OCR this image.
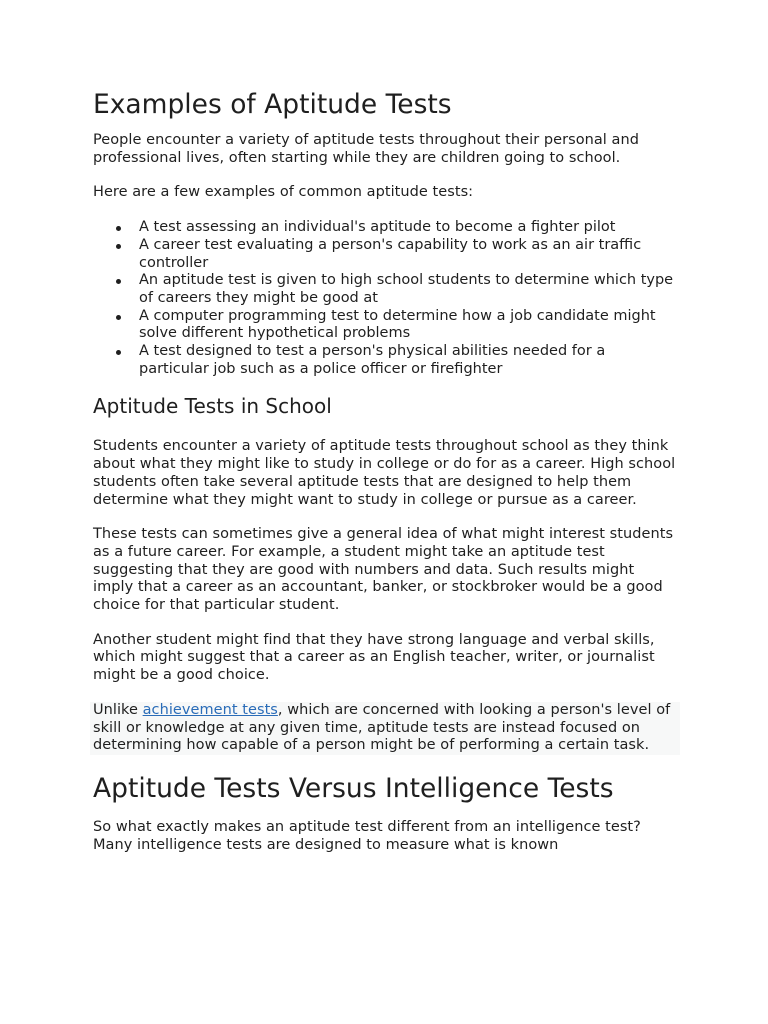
Examples of Aptitude Tests

People encounter a variety of aptitude tests throughout their personal and professional lives, often starting while they are children going to school.

Here are a few examples of common aptitude tests:

A test assessing an individual's aptitude to become a fighter pilot
A career test evaluating a person's capability to work as an air traffic controller
An aptitude test is given to high school students to determine which type of careers they might be good at
A computer programming test to determine how a job candidate might solve different hypothetical problems
A test designed to test a person's physical abilities needed for a particular job such as a police officer or firefighter
Aptitude Tests in School

Students encounter a variety of aptitude tests throughout school as they think about what they might like to study in college or do for as a career. High school students often take several aptitude tests that are designed to help them determine what they might want to study in college or pursue as a career.

These tests can sometimes give a general idea of what might interest students as a future career. For example, a student might take an aptitude test suggesting that they are good with numbers and data. Such results might imply that a career as an accountant, banker, or stockbroker would be a good choice for that particular student.

Another student might find that they have strong language and verbal skills, which might suggest that a career as an English teacher, writer, or journalist might be a good choice.

Unlike achievement tests, which are concerned with looking a person's level of skill or knowledge at any given time, aptitude tests are instead focused on determining how capable of a person might be of performing a certain task.

Aptitude Tests Versus Intelligence Tests

So what exactly makes an aptitude test different from an intelligence test? Many intelligence tests are designed to measure what is known
